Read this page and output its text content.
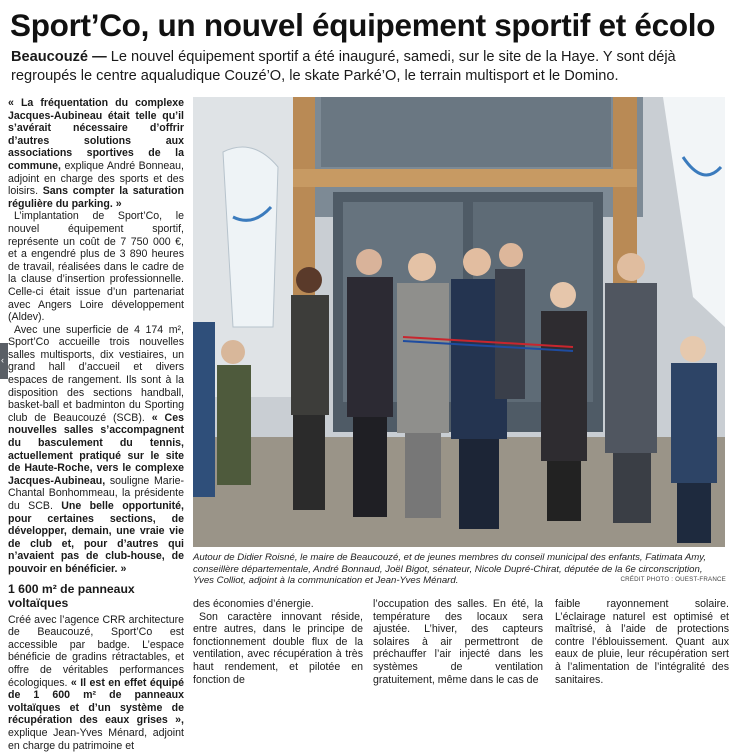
Sport’Co, un nouvel équipement sportif et écolo

Beaucouzé — Le nouvel équipement sportif a été inauguré, samedi, sur le site de la Haye. Y sont déjà regroupés le centre aqualudique Couzé’O, le skate Parké’O, le terrain multisport et le Domino.

‹

« La fréquentation du complexe Jacques-Aubineau était telle qu’il s’avérait nécessaire d’offrir d’autres solutions aux associations sportives de la commune, explique André Bonneau, adjoint en charge des sports et des loisirs. Sans compter la saturation régulière du parking. »

L’implantation de Sport’Co, le nouvel équipement sportif, représente un coût de 7 750 000 €, et a engendré plus de 3 890 heures de travail, réalisées dans le cadre de la clause d’insertion professionnelle. Celle-ci était issue d’un partenariat avec Angers Loire développement (Aldev).

Avec une superficie de 4 174 m², Sport’Co accueille trois nouvelles salles multisports, dix vestiaires, un grand hall d’accueil et divers espaces de rangement. Ils sont à la disposition des sections handball, basket-ball et badminton du Sporting club de Beaucouzé (SCB). « Ces nouvelles salles s’accompagnent du basculement du tennis, actuellement pratiqué sur le site de Haute-Roche, vers le complexe Jacques-Aubineau, souligne Marie-Chantal Bonhommeau, la présidente du SCB. Une belle opportunité, pour certaines sections, de développer, demain, une vraie vie de club et, pour d’autres qui n’avaient pas de club-house, de pouvoir en bénéficier. »

1 600 m² de panneaux voltaïques

Créé avec l’agence CRR architecture de Beaucouzé, Sport’Co est accessible par badge. L’espace bénéficie de gradins rétractables, et offre de véritables performances écologiques. « Il est en effet équipé de 1 600 m² de panneaux voltaïques et d’un système de récupération des eaux grises », explique Jean-Yves Ménard, adjoint en charge du patrimoine et

Autour de Didier Roisné, le maire de Beaucouzé, et de jeunes membres du conseil municipal des enfants, Fatimata Amy, conseillère départementale, André Bonnaud, Joël Bigot, sénateur, Nicole Dupré-Chirat, députée de la 6e circonscription, Yves Colliot, adjoint à la communication et Jean-Yves Ménard.	CRÉDIT PHOTO : OUEST-FRANCE

des économies d’énergie.

Son caractère innovant réside, entre autres, dans le principe de fonctionnement double flux de la ventilation, avec récupération à très haut rendement, et pilotée en fonction de

l’occupation des salles. En été, la température des locaux sera ajustée. L’hiver, des capteurs solaires à air permettront de préchauffer l’air injecté dans les systèmes de ventilation gratuitement, même dans le cas de

faible rayonnement solaire. L’éclairage naturel est optimisé et maîtrisé, à l’aide de protections contre l’éblouissement. Quant aux eaux de pluie, leur récupération sert à l’alimentation de l’intégralité des sanitaires.
